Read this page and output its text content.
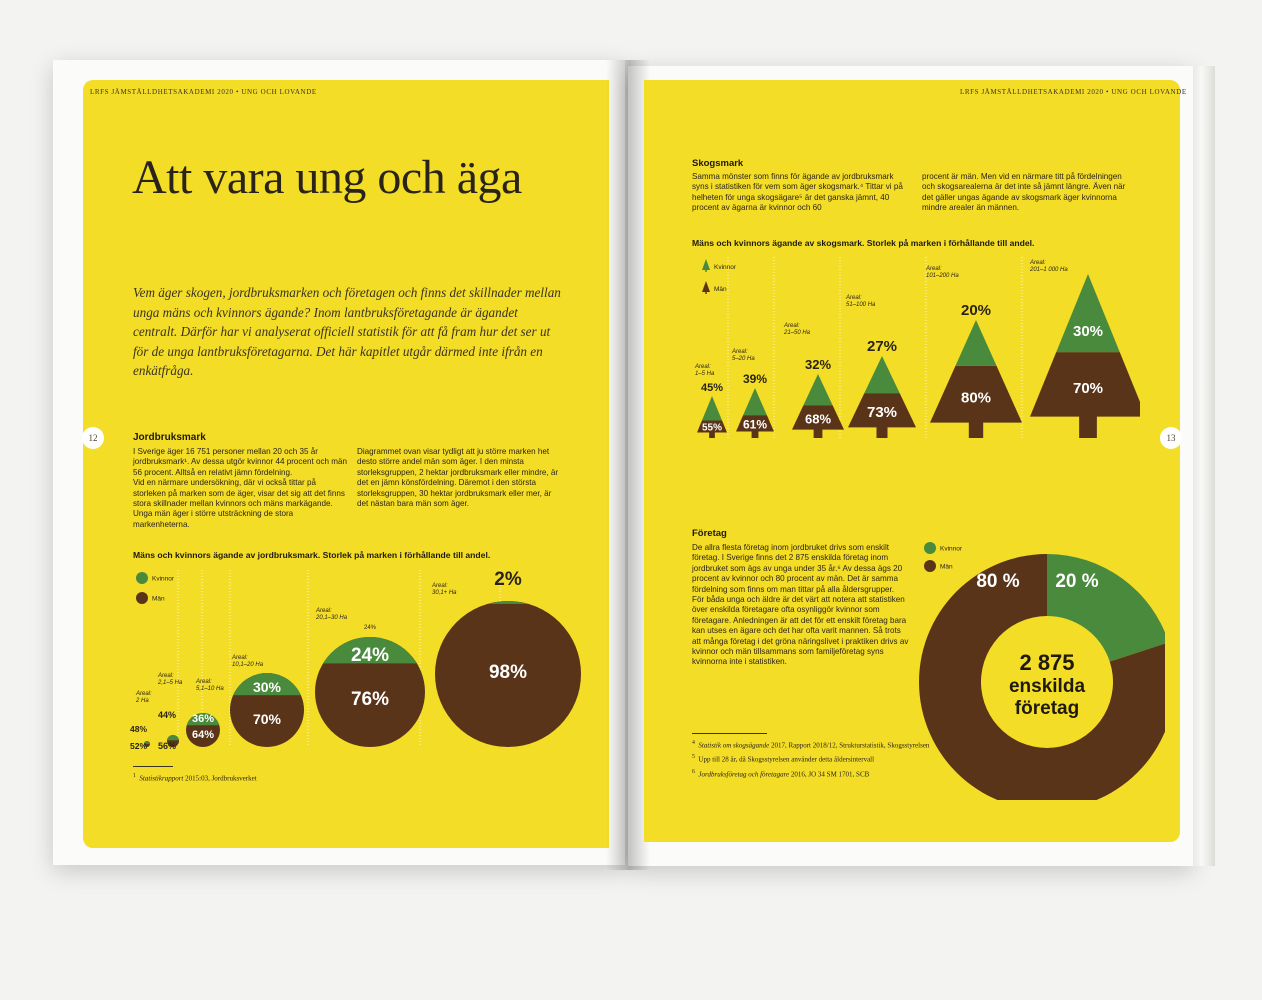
LRFS JÄMSTÄLLDHETSAKADEMI 2020 • UNG OCH LOVANDE
Att vara ung och äga
Vem äger skogen, jordbruksmarken och företagen och finns det skillnader mellan unga mäns och kvinnors ägande? Inom lantbruksföretagande är ägandet centralt. Därför har vi analyserat officiell statistik för att få fram hur det ser ut för de unga lantbruksföretagarna. Det här kapitlet utgår därmed inte ifrån en enkätfråga.
12	Jordbruksmark
I Sverige äger 16 751 personer mellan 20 och 35 år jordbruksmark¹. Av dessa utgör kvinnor 44 procent och män 56 procent. Alltså en relativt jämn fördelning.
Vid en närmare undersökning, där vi också tittar på storleken på marken som de äger, visar det sig att det finns stora skillnader mellan kvinnors och mäns markägande. Unga män äger i större utsträckning de stora markenheterna.
Diagrammet ovan visar tydligt att ju större marken het desto större andel män som äger. I den minsta storleksgruppen, 2 hektar jordbruksmark eller mindre, är det en jämn könsfördelning. Däremot i den största storleksgruppen, 30 hektar jordbruksmark eller mer, är det nästan bara män som äger.
Mäns och kvinnors ägande av jordbruksmark. Storlek på marken i förhållande till andel.
Kvinnor
Män
Areal: 2 Ha
Areal: 2,1–5 Ha Areal: 5,1–10 Ha
Areal: 10,1–20 Ha
Areal: 20,1–30 Ha
Areal: 30,1+ Ha
48%
44% 36%
30%
24%
2%
52% 56%
64%
70%
76%
98%
24%
$^1$ Statistikrapport 2015:03, Jordbruksverket
LRFS JÄMSTÄLLDHETSAKADEMI 2020 • UNG OCH LOVANDE
Skogsmark
Samma mönster som finns för ägande av jordbruksmark syns i statistiken för vem som äger skogsmark.⁴ Tittar vi på helheten för unga skogsägare⁵ är det ganska jämnt, 40 procent av ägarna är kvinnor och 60
procent är män. Men vid en närmare titt på fördelningen och skogsarealerna är det inte så jämnt längre. Även när det gäller ungas ägande av skogsmark äger kvinnorna mindre arealer än männen.
Mäns och kvinnors ägande av skogsmark. Storlek på marken i förhållande till andel.
Kvinnor
Män
Areal: 1–5 Ha
Areal: 5–20 Ha
Areal: 21–50 Ha
Areal: 51–100 Ha
Areal: 101–200 Ha
Areal: 201–1 000 Ha
45%
55%
39%
61%
32%
68%
27%
73%
20%
80%
30%
70%
13
Företag
De allra flesta företag inom jordbruket drivs som enskilt företag. I Sverige finns det 2 875 enskilda företag inom jordbruket som ägs av unga under 35 år.⁶ Av dessa ägs 20 procent av kvinnor och 80 procent av män. Det är samma fördelning som finns om man tittar på alla åldersgrupper.
För båda unga och äldre är det värt att notera att statistiken över enskilda företagare ofta osynliggör kvinnor som företagare. Anledningen är att det för ett enskilt företag bara kan utses en ägare och det har ofta varit mannen. Så trots att många företag i det gröna näringslivet i praktiken drivs av kvinnor och män tillsammans som familjeföretag syns kvinnorna inte i statistiken.
Kvinnor
Män
20 %
80 %
2 875
enskilda
företag
$^4$ Statistik om skogsägande 2017, Rapport 2018/12, Strukturstatistik, Skogsstyrelsen
$^5$ Upp till 28 år, då Skogsstyrelsen använder detta åldersintervall
$^6$ Jordbruksföretag och företagare 2016, JO 34 SM 1701, SCB
